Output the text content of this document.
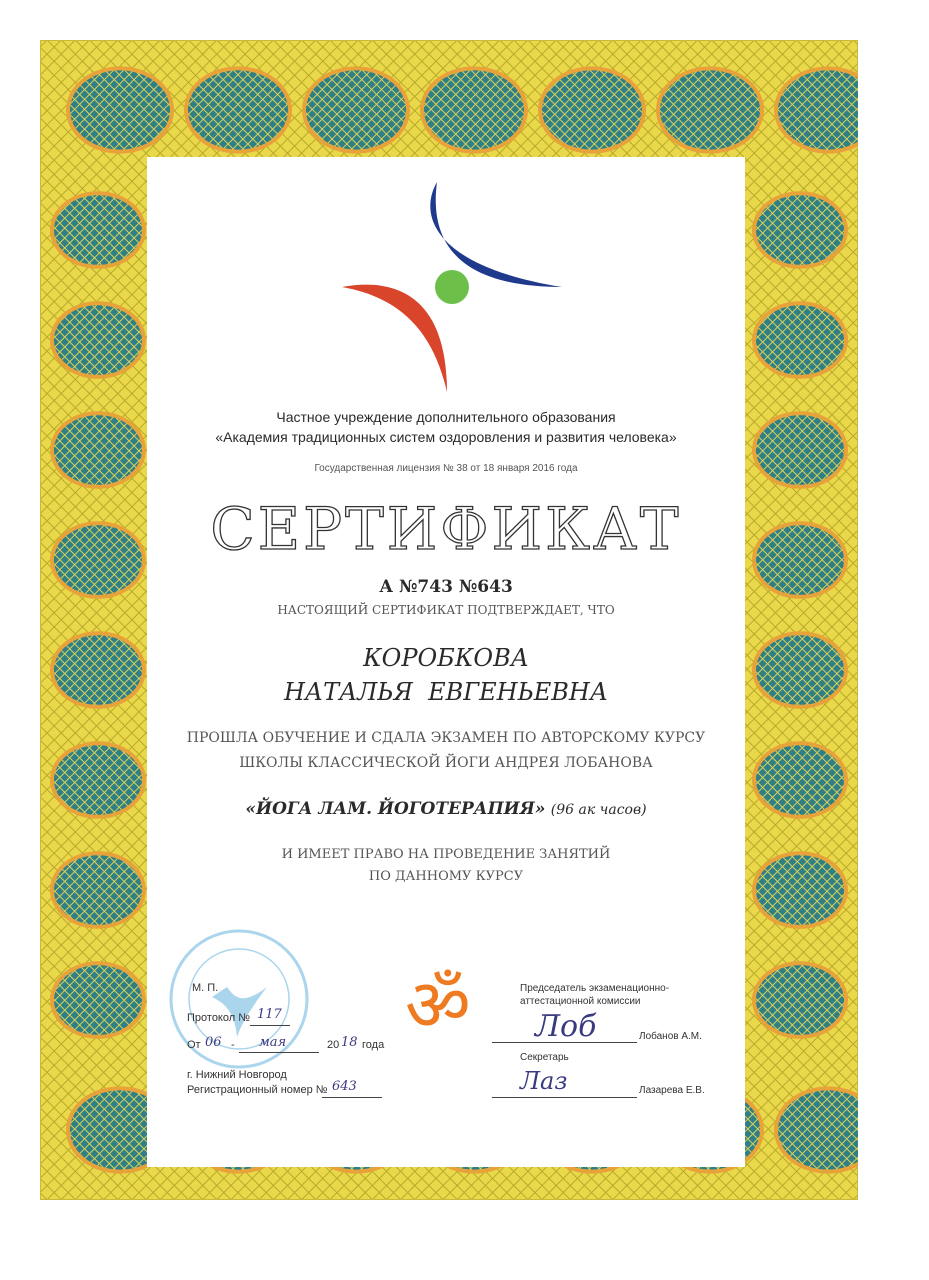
Частное учреждение дополнительного образования
«Академия традиционных систем оздоровления и развития человека»
Государственная лицензия № 38 от 18 января 2016 года
СЕРТИФИКАТ
А №743 №643
НАСТОЯЩИЙ СЕРТИФИКАТ ПОДТВЕРЖДАЕТ, ЧТО
КОРОБКОВА
НАТАЛЬЯ  ЕВГЕНЬЕВНА
ПРОШЛА ОБУЧЕНИЕ И СДАЛА ЭКЗАМЕН ПО АВТОРСКОМУ КУРСУ
ШКОЛЫ КЛАССИЧЕСКОЙ ЙОГИ АНДРЕЯ ЛОБАНОВА
«ЙОГА ЛАМ. ЙОГОТЕРАПИЯ» (96 ак часов)
И ИМЕЕТ ПРАВО НА ПРОВЕДЕНИЕ ЗАНЯТИЙ
ПО ДАННОМУ КУРСУ
М. П.
Протокол № 117
От 06 - мая	20 18 года
г. Нижний Новгород
Регистрационный номер № 643
ॐ	Председатель экзаменационно-
аттестационной комиссии
Лоб	Лобанов А.М.
Секретарь
Лаз	Лазарева Е.В.
